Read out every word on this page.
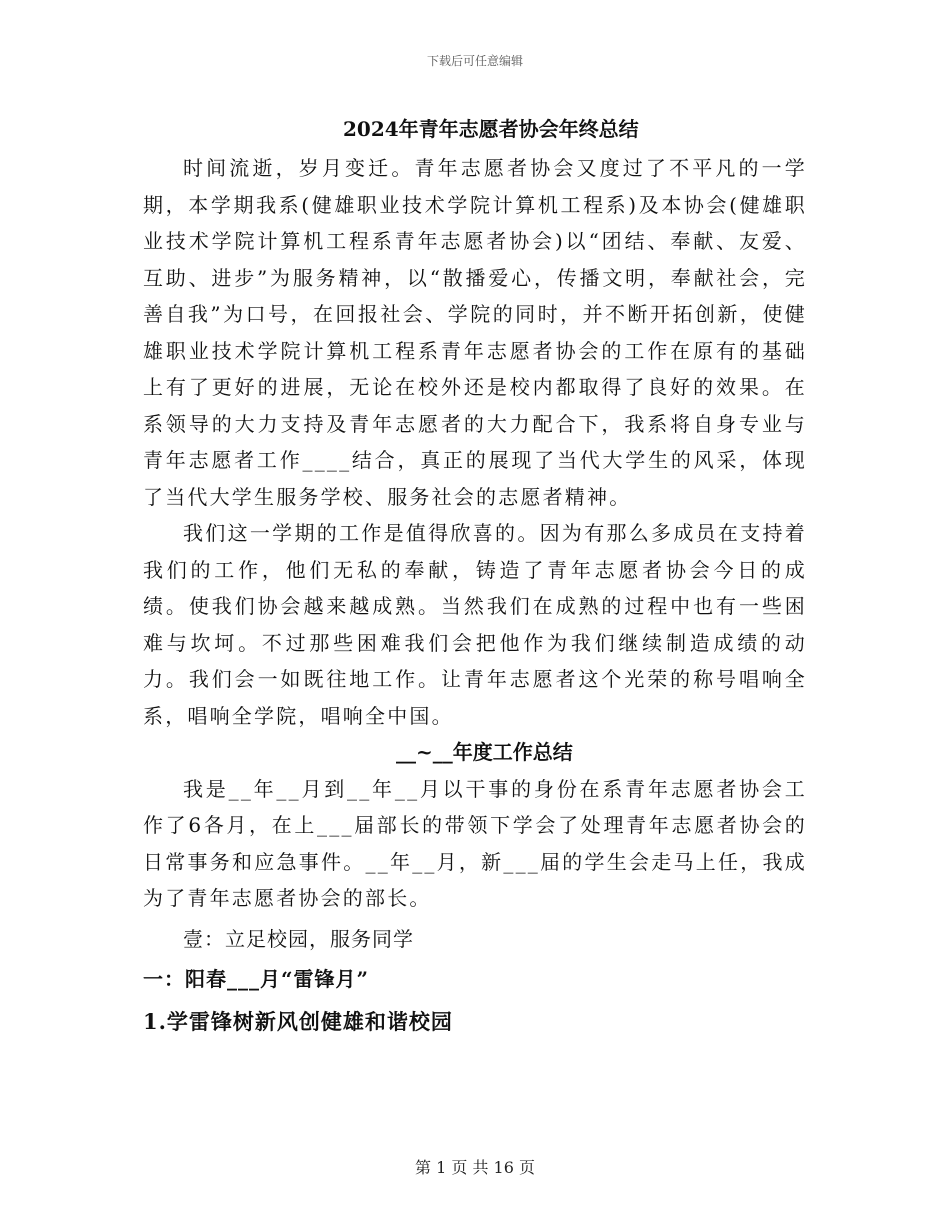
下载后可任意编辑
2024年青年志愿者协会年终总结

时间流逝，岁月变迁。青年志愿者协会又度过了不平凡的一学期，本学期我系(健雄职业技术学院计算机工程系)及本协会(健雄职业技术学院计算机工程系青年志愿者协会)以“团结、奉献、友爱、互助、进步”为服务精神，以“散播爱心，传播文明，奉献社会，完善自我”为口号，在回报社会、学院的同时，并不断开拓创新，使健雄职业技术学院计算机工程系青年志愿者协会的工作在原有的基础上有了更好的进展，无论在校外还是校内都取得了良好的效果。在系领导的大力支持及青年志愿者的大力配合下，我系将自身专业与青年志愿者工作____结合，真正的展现了当代大学生的风采，体现了当代大学生服务学校、服务社会的志愿者精神。

我们这一学期的工作是值得欣喜的。因为有那么多成员在支持着我们的工作，他们无私的奉献，铸造了青年志愿者协会今日的成绩。使我们协会越来越成熟。当然我们在成熟的过程中也有一些困难与坎坷。不过那些困难我们会把他作为我们继续制造成绩的动力。我们会一如既往地工作。让青年志愿者这个光荣的称号唱响全系，唱响全学院，唱响全中国。

__~__年度工作总结

我是__年__月到__年__月以干事的身份在系青年志愿者协会工作了6各月，在上___届部长的带领下学会了处理青年志愿者协会的日常事务和应急事件。__年__月，新___届的学生会走马上任，我成为了青年志愿者协会的部长。

壹：立足校园，服务同学

一：阳春___月“雷锋月”

1.学雷锋树新风创健雄和谐校园

第 1 页 共 16 页
